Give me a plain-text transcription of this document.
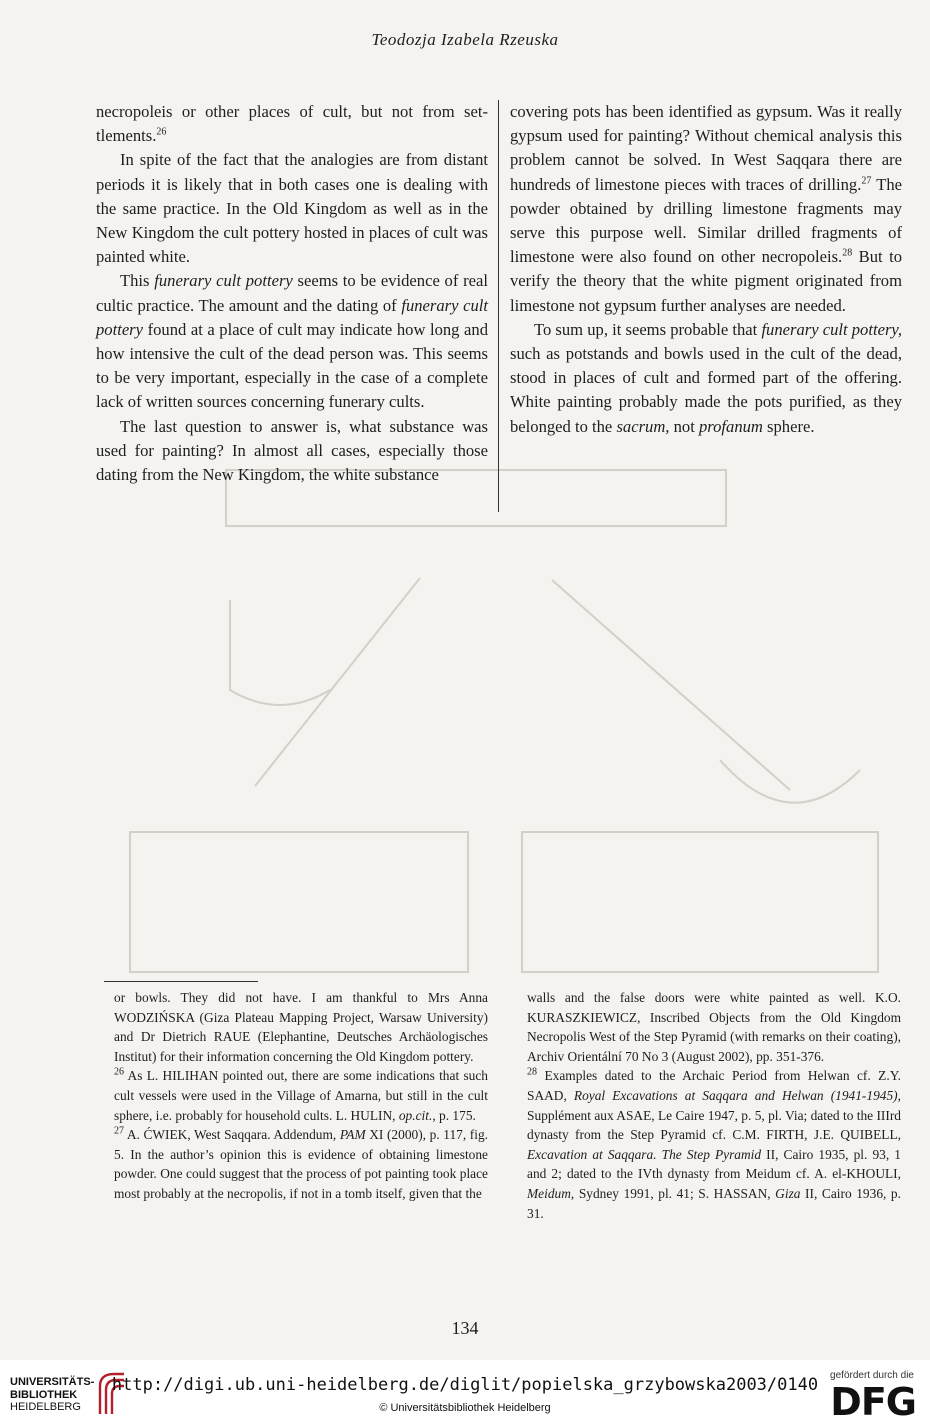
Teodozja Izabela Rzeuska

necropoleis or other places of cult, but not from set-tlements.$^{26}$

In spite of the fact that the analogies are from distant periods it is likely that in both cases one is dealing with the same practice. In the Old Kingdom as well as in the New Kingdom the cult pottery hosted in places of cult was painted white.

This funerary cult pottery seems to be evidence of real cultic practice. The amount and the dating of funerary cult pottery found at a place of cult may indicate how long and how intensive the cult of the dead person was. This seems to be very important, especially in the case of a complete lack of written sources concerning funerary cults.

The last question to answer is, what substance was used for painting? In almost all cases, especially those dating from the New Kingdom, the white substance

covering pots has been identified as gypsum. Was it really gypsum used for painting? Without chemical analysis this problem cannot be solved. In West Saqqara there are hundreds of limestone pieces with traces of drilling.$^{27}$ The powder obtained by drilling limestone fragments may serve this purpose well. Similar drilled fragments of limestone were also found on other necropoleis.$^{28}$ But to verify the theory that the white pigment originated from limestone not gypsum further analyses are needed.

To sum up, it seems probable that funerary cult pottery, such as potstands and bowls used in the cult of the dead, stood in places of cult and formed part of the offering. White painting probably made the pots purified, as they belonged to the sacrum, not profanum sphere.

or bowls. They did not have. I am thankful to Mrs Anna WODZIŃSKA (Giza Plateau Mapping Project, Warsaw University) and Dr Dietrich RAUE (Elephantine, Deutsches Archäologisches Institut) for their information concerning the Old Kingdom pottery.

$^{26}$ As L. HILIHAN pointed out, there are some indications that such cult vessels were used in the Village of Amarna, but still in the cult sphere, i.e. probably for household cults. L. HULIN, op.cit., p. 175.

$^{27}$ A. ĆWIEK, West Saqqara. Addendum, PAM XI (2000), p. 117, fig. 5. In the author’s opinion this is evidence of obtaining limestone powder. One could suggest that the process of pot painting took place most probably at the necropolis, if not in a tomb itself, given that the

walls and the false doors were white painted as well. K.O. KURASZKIEWICZ, Inscribed Objects from the Old Kingdom Necropolis West of the Step Pyramid (with remarks on their coating), Archiv Orientální 70 No 3 (August 2002), pp. 351-376.

$^{28}$ Examples dated to the Archaic Period from Helwan cf. Z.Y. SAAD, Royal Excavations at Saqqara and Helwan (1941-1945), Supplément aux ASAE, Le Caire 1947, p. 5, pl. Via; dated to the IIIrd dynasty from the Step Pyramid cf. C.M. FIRTH, J.E. QUIBELL, Excavation at Saqqara. The Step Pyramid II, Cairo 1935, pl. 93, 1 and 2; dated to the IVth dynasty from Meidum cf. A. el-KHOULI, Meidum, Sydney 1991, pl. 41; S. HASSAN, Giza II, Cairo 1936, p. 31.

134
UNIVERSITÄTS-
BIBLIOTHEK
HEIDELBERG
http://digi.ub.uni-heidelberg.de/diglit/popielska_grzybowska2003/0140
© Universitätsbibliothek Heidelberg
gefördert durch die
DFG
